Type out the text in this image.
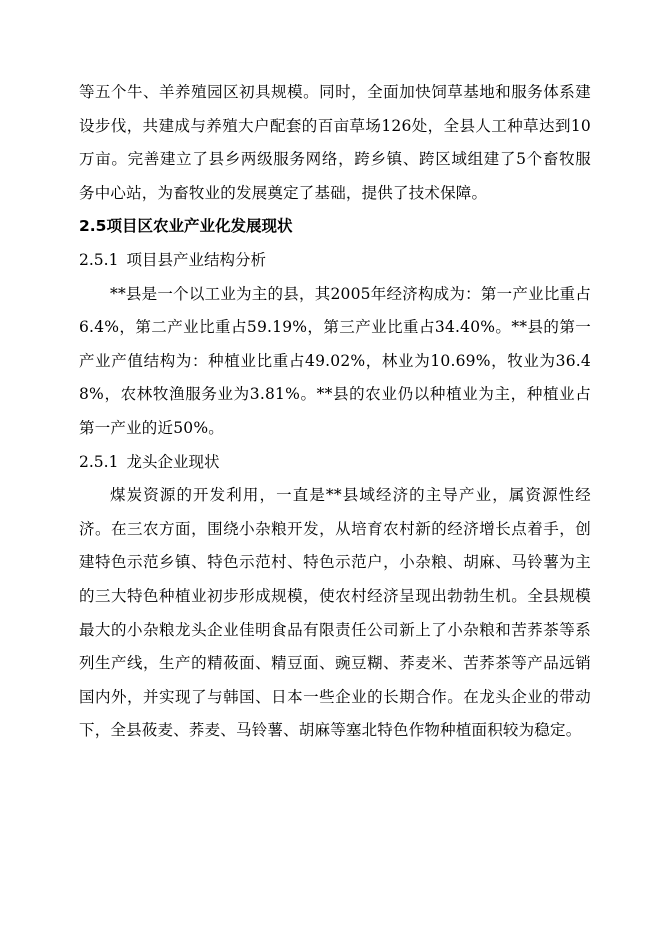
等五个牛、羊养殖园区初具规模。同时，全面加快饲草基地和服务体系建设步伐，共建成与养殖大户配套的百亩草场126处，全县人工种草达到10万亩。完善建立了县乡两级服务网络，跨乡镇、跨区域组建了5个畜牧服务中心站，为畜牧业的发展奠定了基础，提供了技术保障。

2.5项目区农业产业化发展现状

2.5.1 项目县产业结构分析

**县是一个以工业为主的县，其2005年经济构成为：第一产业比重占6.4%，第二产业比重占59.19%，第三产业比重占34.40%。**县的第一产业产值结构为：种植业比重占49.02%，林业为10.69%，牧业为36.48%，农林牧渔服务业为3.81%。**县的农业仍以种植业为主，种植业占第一产业的近50%。

2.5.1 龙头企业现状

煤炭资源的开发利用，一直是**县域经济的主导产业，属资源性经济。在三农方面，围绕小杂粮开发，从培育农村新的经济增长点着手，创建特色示范乡镇、特色示范村、特色示范户，小杂粮、胡麻、马铃薯为主的三大特色种植业初步形成规模，使农村经济呈现出勃勃生机。全县规模最大的小杂粮龙头企业佳明食品有限责任公司新上了小杂粮和苦荞茶等系列生产线，生产的精莜面、精豆面、豌豆糊、荞麦米、苦荞茶等产品远销国内外，并实现了与韩国、日本一些企业的长期合作。在龙头企业的带动下，全县莜麦、荞麦、马铃薯、胡麻等塞北特色作物种植面积较为稳定。
